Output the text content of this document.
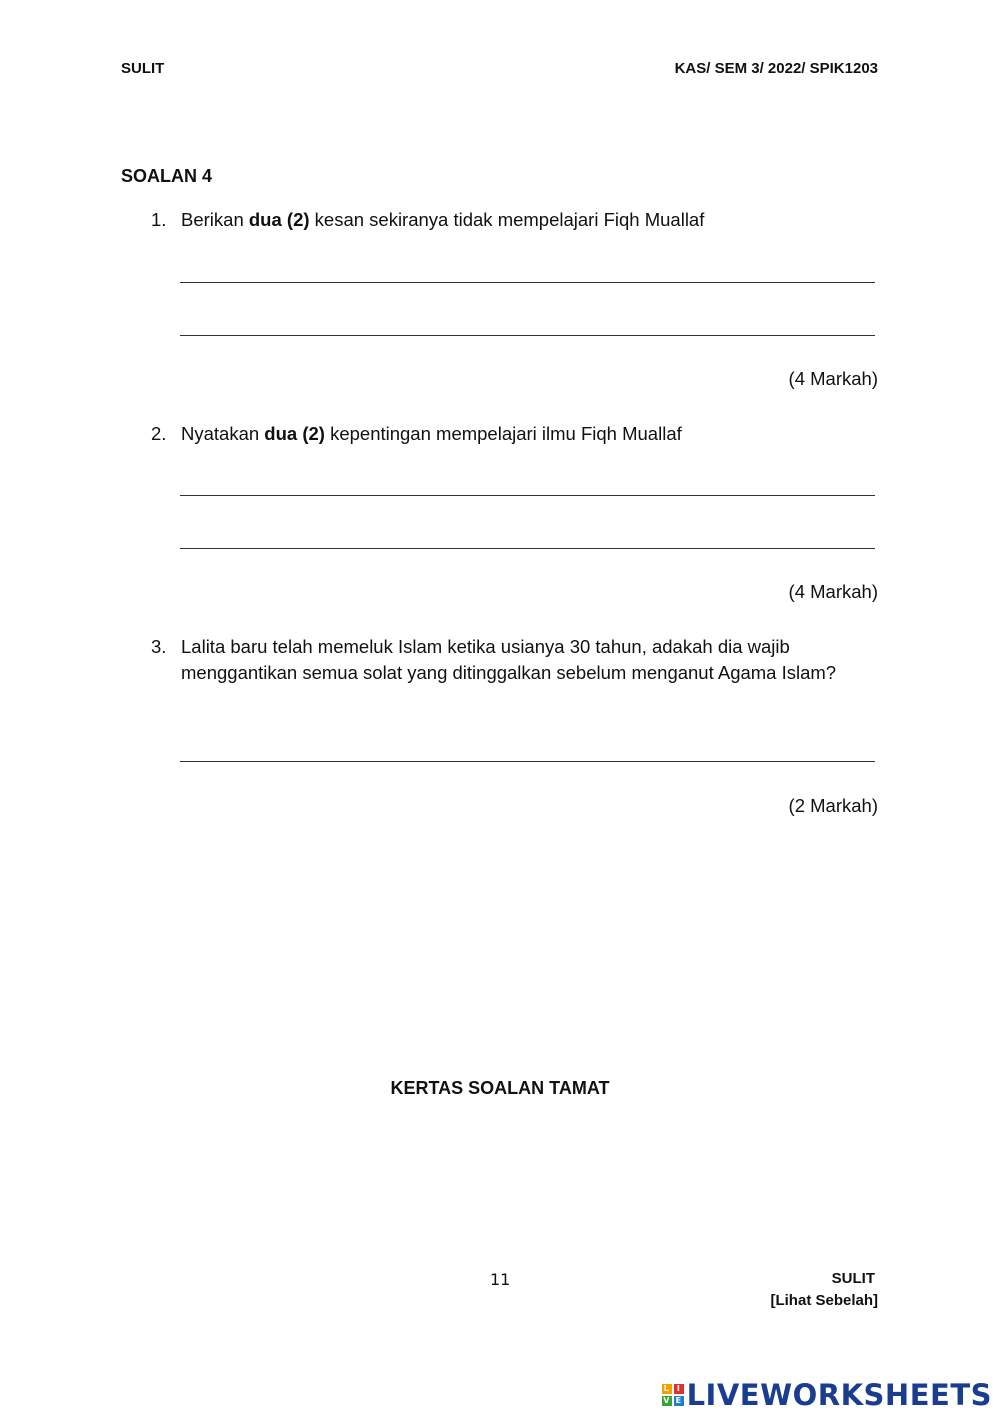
SULIT	KAS/ SEM 3/ 2022/ SPIK1203
SOALAN 4
1. Berikan dua (2) kesan sekiranya tidak mempelajari Fiqh Muallaf
(4 Markah)
2. Nyatakan dua (2) kepentingan mempelajari ilmu Fiqh Muallaf
(4 Markah)
3. Lalita baru telah memeluk Islam ketika usianya 30 tahun, adakah dia wajib menggantikan semua solat yang ditinggalkan sebelum menganut Agama Islam?
(2 Markah)
KERTAS SOALAN TAMAT
11	SULIT
[Lihat Sebelah]
L I
V E LIVEWORKSHEETS
